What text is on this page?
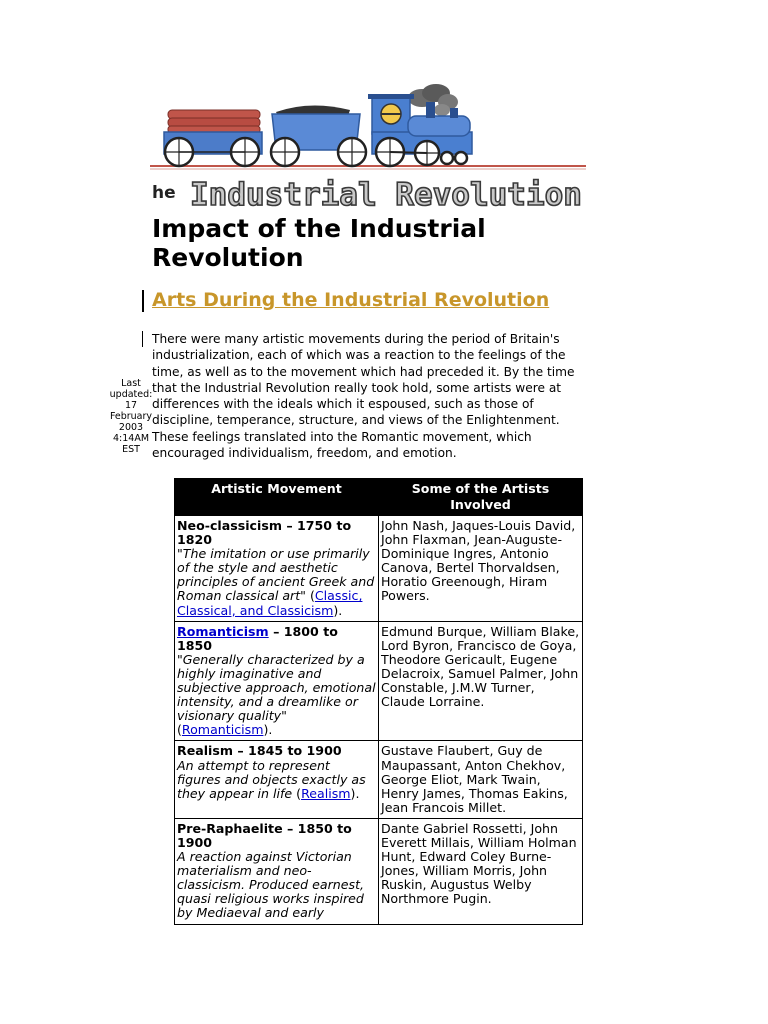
he Industrial Revolution
Impact of the Industrial Revolution
Arts During the Industrial Revolution
Last
updated:
17
February
2003
4:14AM
EST

There were many artistic movements during the period of Britain's industrialization, each of which was a reaction to the feelings of the time, as well as to the movement which had preceded it. By the time that the Industrial Revolution really took hold, some artists were at differences with the ideals which it espoused, such as those of discipline, temperance, structure, and views of the Enlightenment. These feelings translated into the Romantic movement, which encouraged individualism, freedom, and emotion.

Artistic Movement	Some of the Artists Involved
Neo-classicism – 1750 to 1820
"The imitation or use primarily of the style and aesthetic principles of ancient Greek and Roman classical art" (Classic, Classical, and Classicism).	John Nash, Jaques-Louis David, John Flaxman, Jean-Auguste-Dominique Ingres, Antonio Canova, Bertel Thorvaldsen, Horatio Greenough, Hiram Powers.
Romanticism – 1800 to 1850
"Generally characterized by a highly imaginative and subjective approach, emotional intensity, and a dreamlike or visionary quality" (Romanticism).	Edmund Burque, William Blake, Lord Byron, Francisco de Goya, Theodore Gericault, Eugene Delacroix, Samuel Palmer, John Constable, J.M.W Turner, Claude Lorraine.
Realism – 1845 to 1900
An attempt to represent figures and objects exactly as they appear in life (Realism).	Gustave Flaubert, Guy de Maupassant, Anton Chekhov, George Eliot, Mark Twain, Henry James, Thomas Eakins, Jean Francois Millet.
Pre-Raphaelite – 1850 to 1900
A reaction against Victorian materialism and neo-classicism. Produced earnest, quasi religious works inspired by Mediaeval and early	Dante Gabriel Rossetti, John Everett Millais, William Holman Hunt, Edward Coley Burne- Jones, William Morris, John Ruskin, Augustus Welby Northmore Pugin.
